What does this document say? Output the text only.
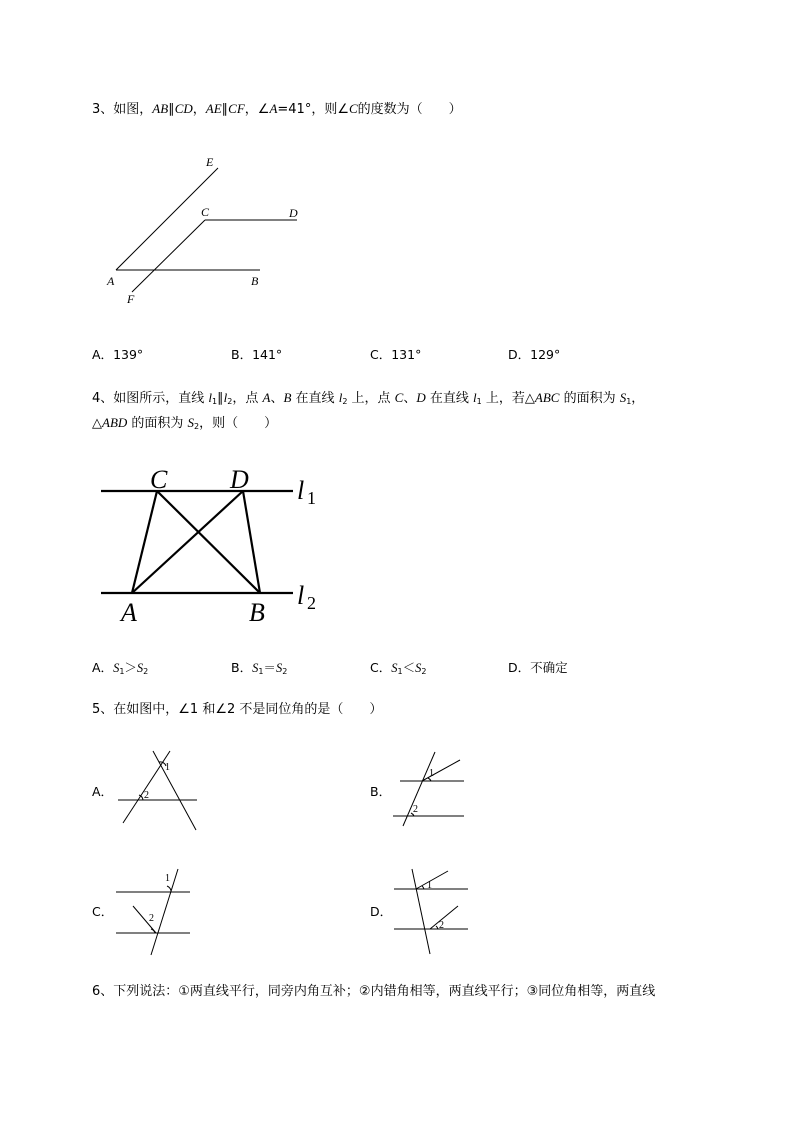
3、如图，AB∥CD，AE∥CF，∠A=41°，则∠C的度数为（　　）
E
C	D
A	B
F
A．139°	B．141°	C．131°	D．129°
4、如图所示，直线 $l_1\parallel l_2$，点 A、B 在直线 $l_2$ 上，点 C、D 在直线 $l_1$ 上，若△ABC 的面积为 $S_1$，
△ABD 的面积为 $S_2$，则（　　）
C D
A	B
l
l
1
2
A．$S_1>S_2$	B．$S_1=S_2$	C．$S_1<S_2$	D．不确定
5、在如图中，∠1 和∠2 不是同位角的是（　　）
A．
1
2	B．
1
2
C．
1
2	D．
1
2
6、下列说法：①两直线平行，同旁内角互补；②内错角相等，两直线平行；③同位角相等，两直线
